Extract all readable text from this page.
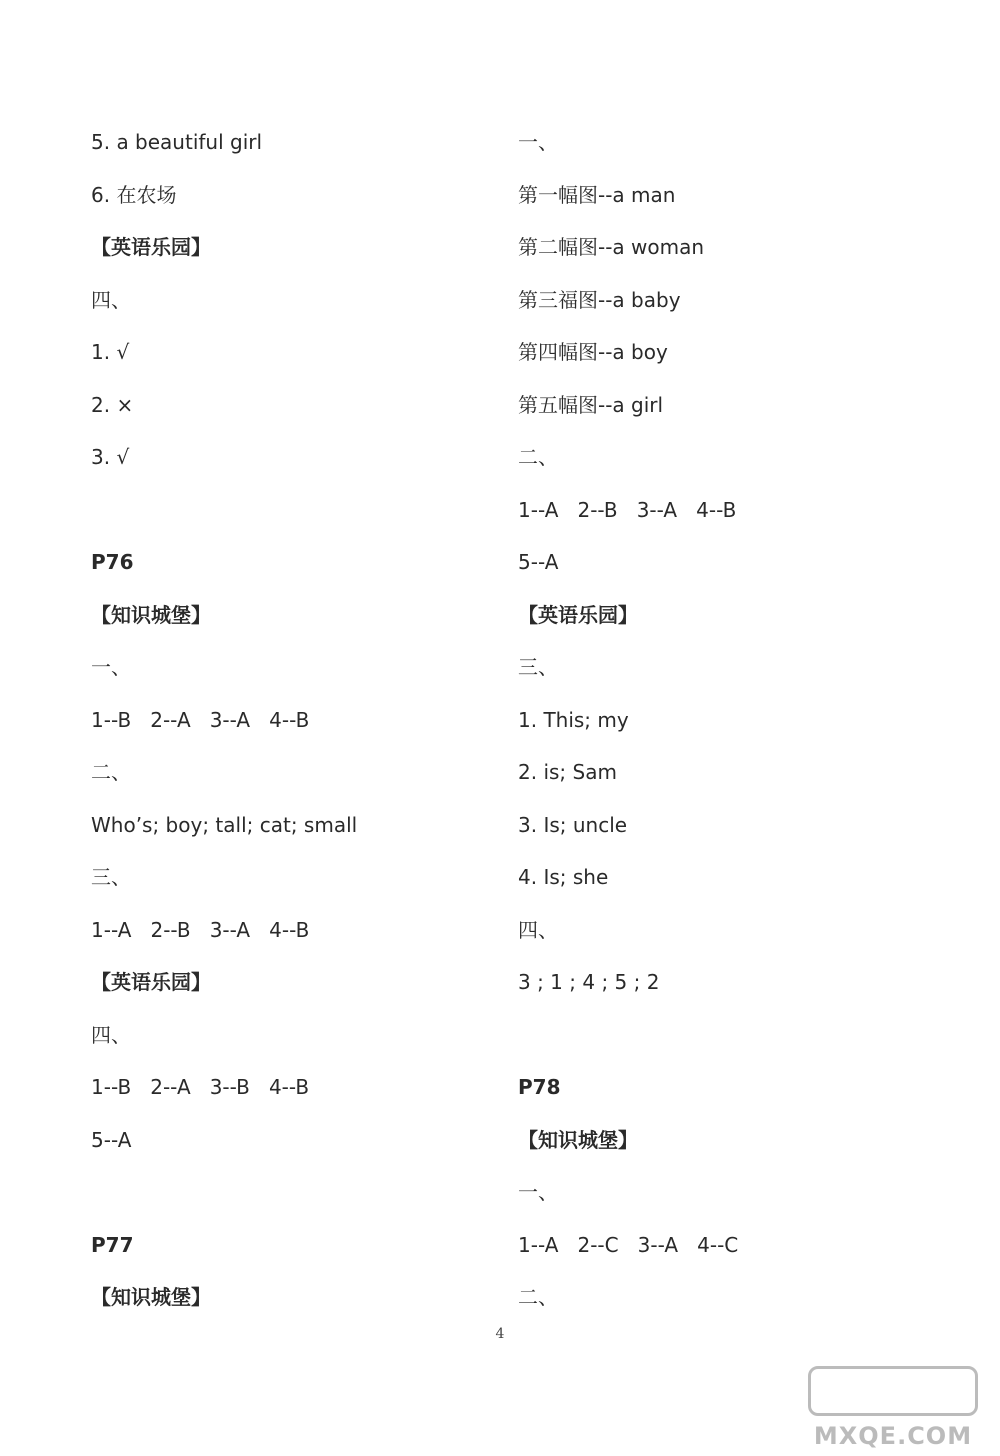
5. a beautiful girl
6. 在农场
【英语乐园】
四、
1. √
2. ×
3. √
P76
【知识城堡】
一、
1--B   2--A   3--A   4--B
二、
Who’s; boy; tall; cat; small
三、
1--A   2--B   3--A   4--B
【英语乐园】
四、
1--B   2--A   3--B   4--B
5--A
P77
【知识城堡】
一、
第一幅图--a man
第二幅图--a woman
第三福图--a baby
第四幅图--a boy
第五幅图--a girl
二、
1--A   2--B   3--A   4--B
5--A
【英语乐园】
三、
1. This; my
2. is; Sam
3. Is; uncle
4. Is; she
四、
3 ; 1 ; 4 ; 5 ; 2
P78
【知识城堡】
一、
1--A   2--C   3--A   4--C
二、
4
MXQE.COM
